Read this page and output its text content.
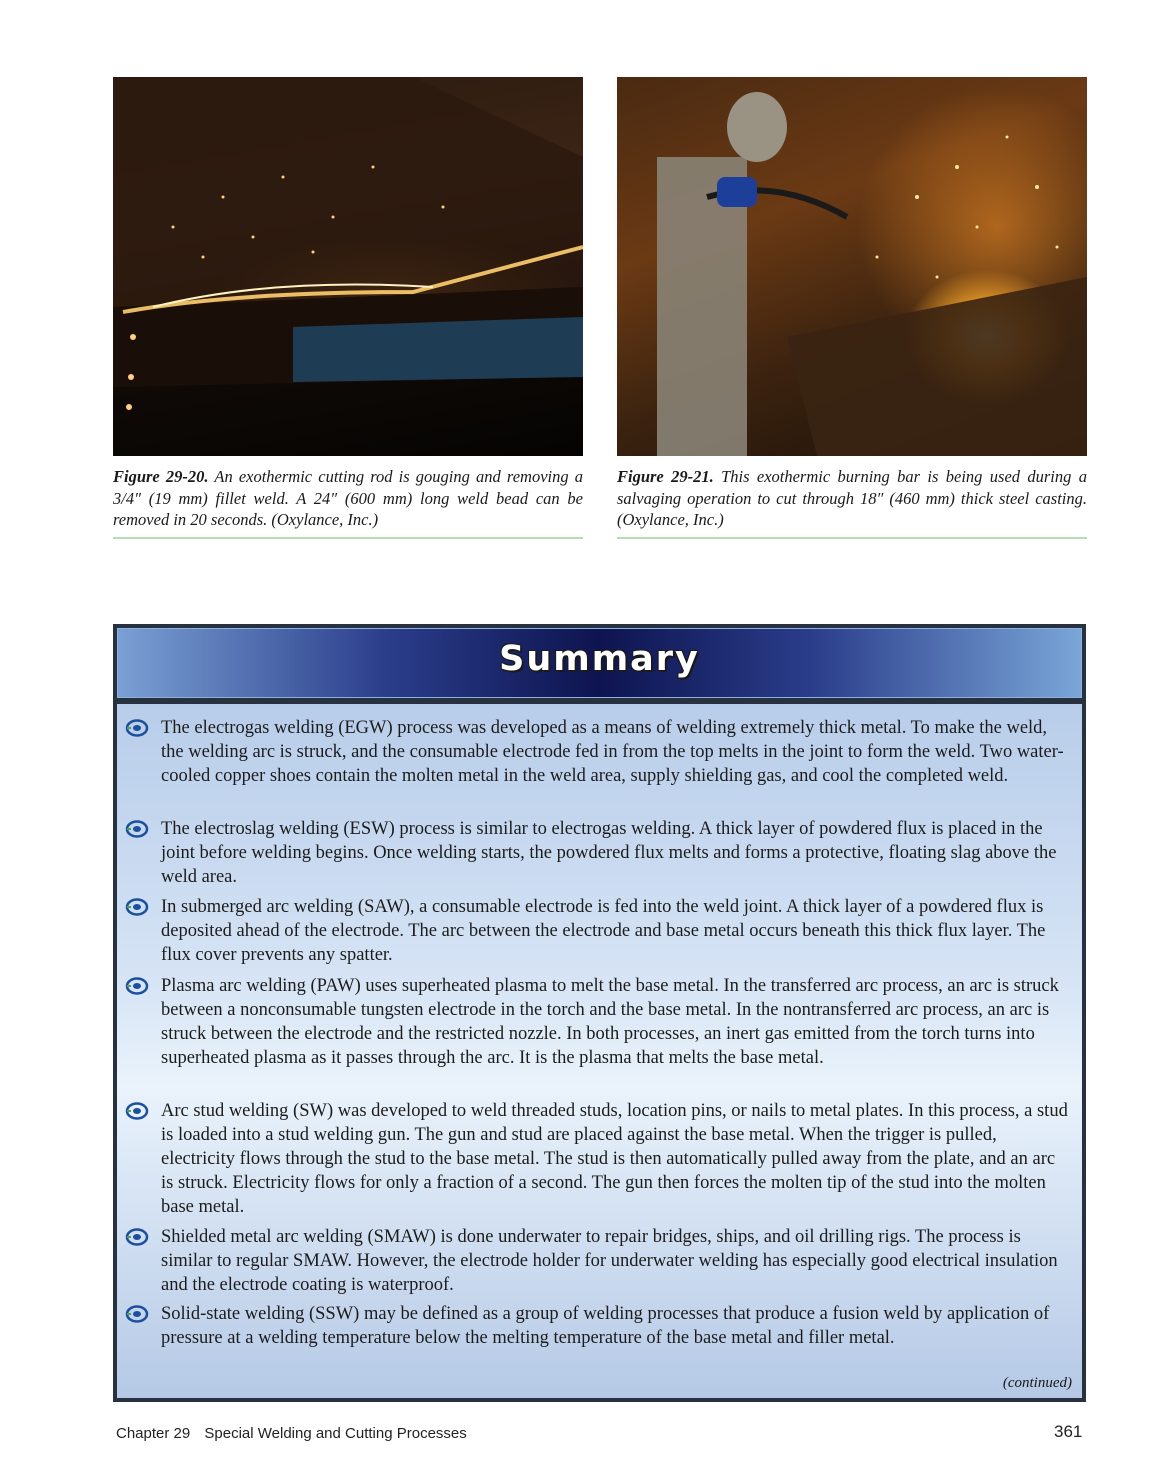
Figure 29-20. An exothermic cutting rod is gouging and removing a 3/4″ (19 mm) fillet weld. A 24″ (600 mm) long weld bead can be removed in 20 seconds. (Oxylance, Inc.)
Figure 29-21. This exothermic burning bar is being used during a salvaging operation to cut through 18″ (460 mm) thick steel casting. (Oxylance, Inc.)
Summary
The electrogas welding (EGW) process was developed as a means of welding extremely thick metal. To make the weld, the welding arc is struck, and the consumable electrode fed in from the top melts in the joint to form the weld. Two water-cooled copper shoes contain the molten metal in the weld area, supply shielding gas, and cool the completed weld.
The electroslag welding (ESW) process is similar to electrogas welding. A thick layer of powdered flux is placed in the joint before welding begins. Once welding starts, the powdered flux melts and forms a protective, floating slag above the weld area.
In submerged arc welding (SAW), a consumable electrode is fed into the weld joint. A thick layer of a powdered flux is deposited ahead of the electrode. The arc between the electrode and base metal occurs beneath this thick flux layer. The flux cover prevents any spatter.
Plasma arc welding (PAW) uses superheated plasma to melt the base metal. In the transferred arc process, an arc is struck between a nonconsumable tungsten electrode in the torch and the base metal. In the nontransferred arc process, an arc is struck between the electrode and the restricted nozzle. In both processes, an inert gas emitted from the torch turns into superheated plasma as it passes through the arc. It is the plasma that melts the base metal.
Arc stud welding (SW) was developed to weld threaded studs, location pins, or nails to metal plates. In this process, a stud is loaded into a stud welding gun. The gun and stud are placed against the base metal. When the trigger is pulled, electricity flows through the stud to the base metal. The stud is then automatically pulled away from the plate, and an arc is struck. Electricity flows for only a fraction of a second. The gun then forces the molten tip of the stud into the molten base metal.
Shielded metal arc welding (SMAW) is done underwater to repair bridges, ships, and oil drilling rigs. The process is similar to regular SMAW. However, the electrode holder for underwater welding has especially good electrical insulation and the electrode coating is waterproof.
Solid-state welding (SSW) may be defined as a group of welding processes that produce a fusion weld by application of pressure at a welding temperature below the melting temperature of the base metal and filler metal.
(continued)
Chapter 29 Special Welding and Cutting Processes	361
